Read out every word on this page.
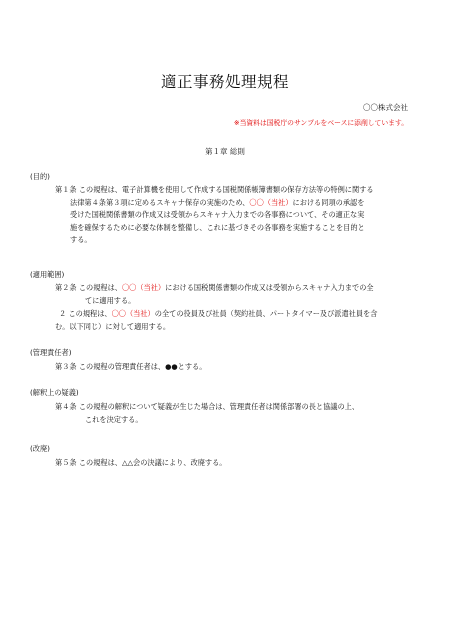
適正事務処理規程
〇〇株式会社
※当資料は国税庁のサンプルをベースに添削しています。
第１章 総則
(目的)
第１条 この規程は、電子計算機を使用して作成する国税関係帳簿書類の保存方法等の特例に関する
法律第４条第３項に定めるスキャナ保存の実施のため、〇〇（当社）における同項の承認を
受けた国税関係書類の作成又は受領からスキャナ入力までの各事務について、その適正な実
施を確保するために必要な体制を整備し、これに基づきその各事務を実施することを目的と
する。
(適用範囲)
第２条 この規程は、〇〇（当社）における国税関係書類の作成又は受領からスキャナ入力までの全
てに適用する。
２ この規程は、〇〇（当社）の全ての役員及び社員（契約社員、パートタイマー及び派遣社員を含
む。以下同じ）に対して適用する。
(管理責任者)
第３条 この規程の管理責任者は、●●とする。
(解釈上の疑義)
第４条 この規程の解釈について疑義が生じた場合は、管理責任者は関係部署の長と協議の上、
これを決定する。
(改廃)
第５条 この規程は、△△会の決議により、改廃する。
